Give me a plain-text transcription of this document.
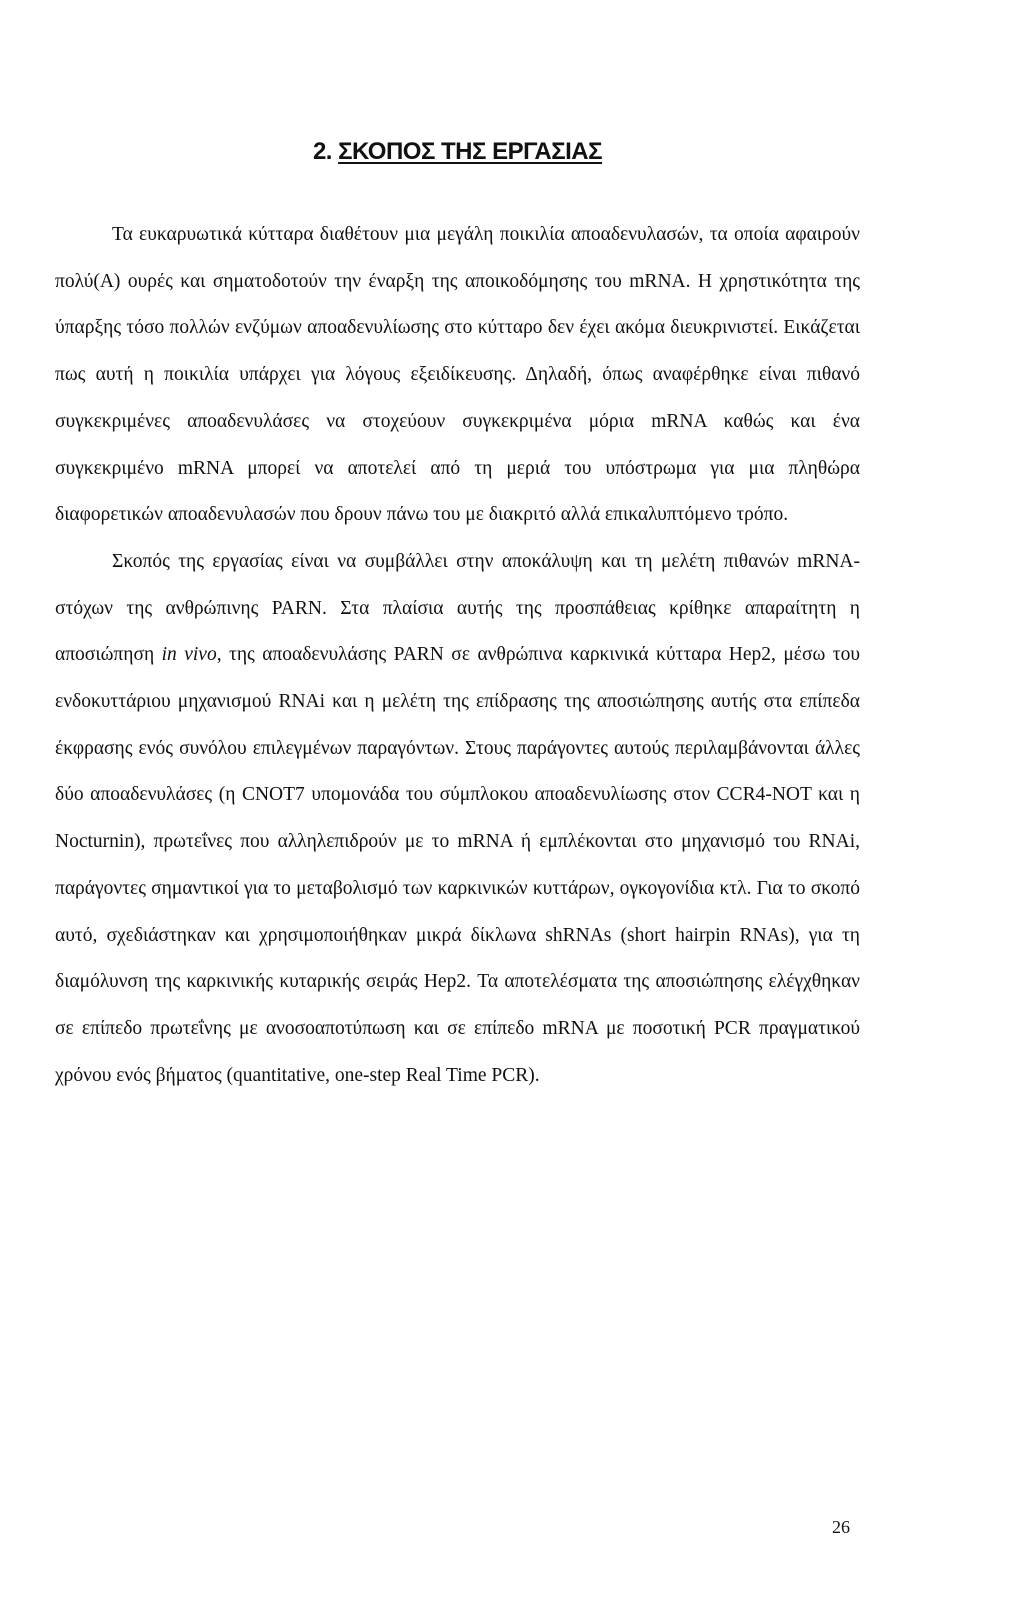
2. ΣΚΟΠΟΣ ΤΗΣ ΕΡΓΑΣΙΑΣ

Τα ευκαρυωτικά κύτταρα διαθέτουν μια μεγάλη ποικιλία αποαδενυλασών, τα οποία αφαιρούν πολύ(Α) ουρές και σηματοδοτούν την έναρξη της αποικοδόμησης του mRNA. Η χρηστικότητα της ύπαρξης τόσο πολλών ενζύμων αποαδενυλίωσης στο κύτταρο δεν έχει ακόμα διευκρινιστεί. Εικάζεται πως αυτή η ποικιλία υπάρχει για λόγους εξειδίκευσης. Δηλαδή, όπως αναφέρθηκε είναι πιθανό συγκεκριμένες αποαδενυλάσες να στοχεύουν συγκεκριμένα μόρια mRNA καθώς και ένα συγκεκριμένο mRNA μπορεί να αποτελεί από τη μεριά του υπόστρωμα για μια πληθώρα διαφορετικών αποαδενυλασών που δρουν πάνω του με διακριτό αλλά επικαλυπτόμενο τρόπο.

Σκοπός της εργασίας είναι να συμβάλλει στην αποκάλυψη και τη μελέτη πιθανών mRNA-στόχων της ανθρώπινης PARN. Στα πλαίσια αυτής της προσπάθειας κρίθηκε απαραίτητη η αποσιώπηση in vivo, της αποαδενυλάσης PARN σε ανθρώπινα καρκινικά κύτταρα Hep2, μέσω του ενδοκυττάριου μηχανισμού RNAi και η μελέτη της επίδρασης της αποσιώπησης αυτής στα επίπεδα έκφρασης ενός συνόλου επιλεγμένων παραγόντων. Στους παράγοντες αυτούς περιλαμβάνονται άλλες δύο αποαδενυλάσες (η CNOT7 υπομονάδα του σύμπλοκου αποαδενυλίωσης στον CCR4-NOT και η Nocturnin), πρωτεΐνες που αλληλεπιδρούν με το mRNA ή εμπλέκονται στο μηχανισμό του RNAi, παράγοντες σημαντικοί για το μεταβολισμό των καρκινικών κυττάρων, ογκογονίδια κτλ. Για το σκοπό αυτό, σχεδιάστηκαν και χρησιμοποιήθηκαν μικρά δίκλωνα shRNAs (short hairpin RNAs), για τη διαμόλυνση της καρκινικής κυταρικής σειράς Hep2. Τα αποτελέσματα της αποσιώπησης ελέγχθηκαν σε επίπεδο πρωτεΐνης με ανοσοαποτύπωση και σε επίπεδο mRNA με ποσοτική PCR πραγματικού χρόνου ενός βήματος (quantitative, one-step Real Time PCR).

26
